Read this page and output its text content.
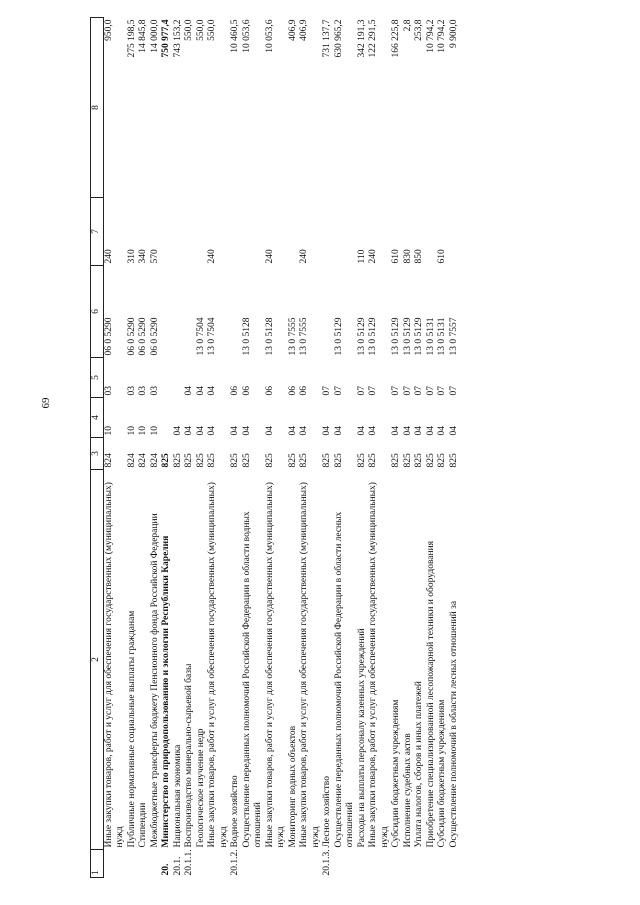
69
1	2	3	4	5	6	7	8
	Иные закупки товаров, работ и услуг для обеспечения государственных (муниципальных) нужд	824	10	03	06 0 5290	240	950,0
	Публичные нормативные социальные выплаты гражданам	824	10	03	06 0 5290	310	275 198,5
	Стипендии	824	10	03	06 0 5290	340	14 845,8
	Межбюджетные трансферты бюджету Пенсионного фонда Российской Федерации	824	10	03	06 0 5290	570	14 000,0
20.	Министерство по природопользованию и экологии Республики Карелия	825					750 977,4
20.1.	Национальная экономика	825	04				743 153,2
20.1.1.	Воспроизводство минерально-сырьевой базы	825	04	04			550,0
	Геологическое изучение недр	825	04	04	13 0 7504		550,0
	Иные закупки товаров, работ и услуг для обеспечения государственных (муниципальных) нужд	825	04	04	13 0 7504	240	550,0
20.1.2.	Водное хозяйство	825	04	06			10 460,5
	Осуществление переданных полномочий Российской Федерации в области водных отношений	825	04	06	13 0 5128		10 053,6
	Иные закупки товаров, работ и услуг для обеспечения государственных (муниципальных) нужд	825	04	06	13 0 5128	240	10 053,6
	Мониторинг водных объектов	825	04	06	13 0 7555		406,9
	Иные закупки товаров, работ и услуг для обеспечения государственных (муниципальных) нужд	825	04	06	13 0 7555	240	406,9
20.1.3.	Лесное хозяйство	825	04	07			731 137,7
	Осуществление переданных полномочий Российской Федерации в области лесных отношений	825	04	07	13 0 5129		630 965,2
	Расходы на выплаты персоналу казенных учреждений	825	04	07	13 0 5129	110	342 191,3
	Иные закупки товаров, работ и услуг для обеспечения государственных (муниципальных) нужд	825	04	07	13 0 5129	240	122 291,5
	Субсидии бюджетным учреждениям	825	04	07	13 0 5129	610	166 225,8
	Исполнение судебных актов	825	04	07	13 0 5129	830	2,8
	Уплата налогов, сборов и иных платежей	825	04	07	13 0 5129	850	253,8
	Приобретение специализированной лесопожарной техники и оборудования	825	04	07	13 0 5131		10 794,2
	Субсидии бюджетным учреждениям	825	04	07	13 0 5131	610	10 794,2
	Осуществление полномочий в области лесных отношений за	825	04	07	13 0 7557		9 900,0
